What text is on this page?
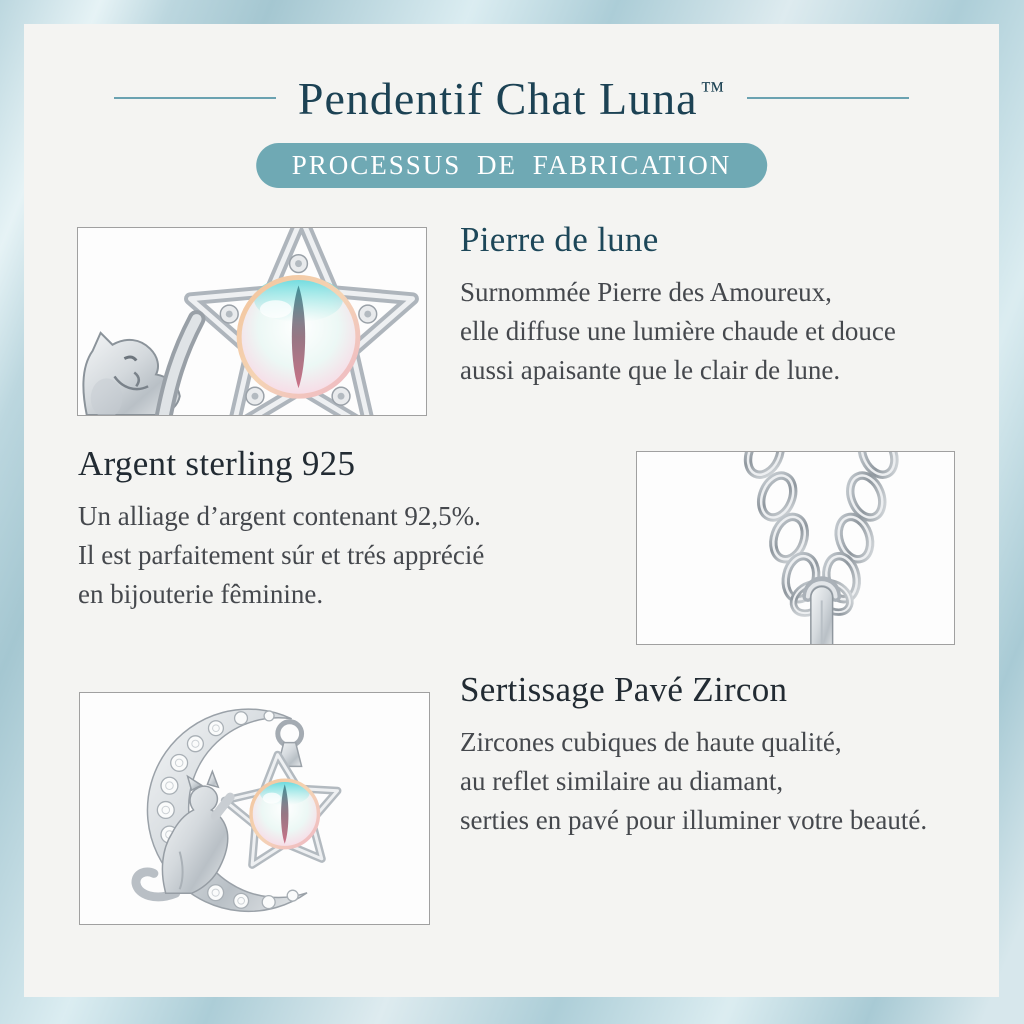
Pendentif Chat Luna ™
PROCESSUS DE FABRICATION
Pierre de lune
Surnommée Pierre des Amoureux,
elle diffuse une lumière chaude et douce
aussi apaisante que le clair de lune.
Argent sterling 925
Un alliage d’argent contenant 92,5%.
Il est parfaitement súr et trés apprécié
en bijouterie fêminine.
Sertissage Pavé Zircon
Zircones cubiques de haute qualité,
au reflet similaire au diamant,
serties en pavé pour illuminer votre beauté.
